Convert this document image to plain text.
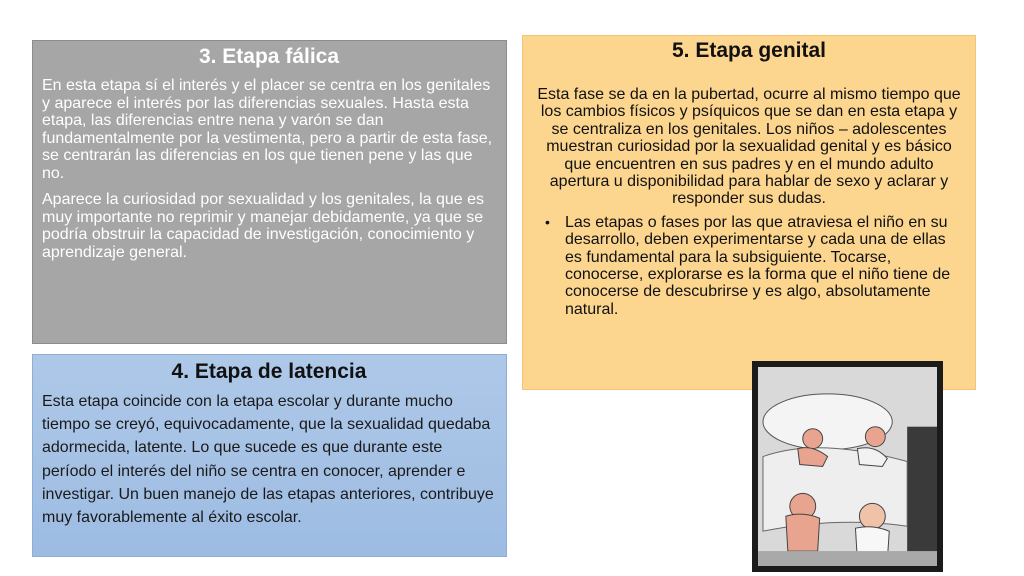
3. Etapa fálica

En esta etapa sí el interés y el placer se centra en los genitales y aparece el interés por las diferencias sexuales. Hasta esta etapa, las diferencias entre nena y varón se dan fundamentalmente por la vestimenta, pero a partir de esta fase, se centrarán las diferencias en los que tienen pene y las que no.

Aparece la curiosidad por sexualidad y los genitales, la que es muy importante no reprimir y manejar debidamente, ya que se podría obstruir la capacidad de investigación, conocimiento y aprendizaje general.

4. Etapa de latencia

Esta etapa coincide con la etapa escolar y durante mucho tiempo se creyó, equivocadamente, que la sexualidad quedaba adormecida, latente. Lo que sucede es que durante este período el interés del niño se centra en conocer, aprender e investigar. Un buen manejo de las etapas anteriores, contribuye muy favorablemente al éxito escolar.

5. Etapa genital

Esta fase se da en la pubertad, ocurre al mismo tiempo que los cambios físicos y psíquicos que se dan en esta etapa y se centraliza en los genitales. Los niños – adolescentes muestran curiosidad por la sexualidad genital y es básico que encuentren en sus padres y en el mundo adulto apertura u disponibilidad para hablar de sexo y aclarar y responder sus dudas.

• Las etapas o fases por las que atraviesa el niño en su desarrollo, deben experimentarse y cada una de ellas es fundamental para la subsiguiente. Tocarse, conocerse, explorarse es la forma que el niño tiene de conocerse de descubrirse y es algo, absolutamente natural.
